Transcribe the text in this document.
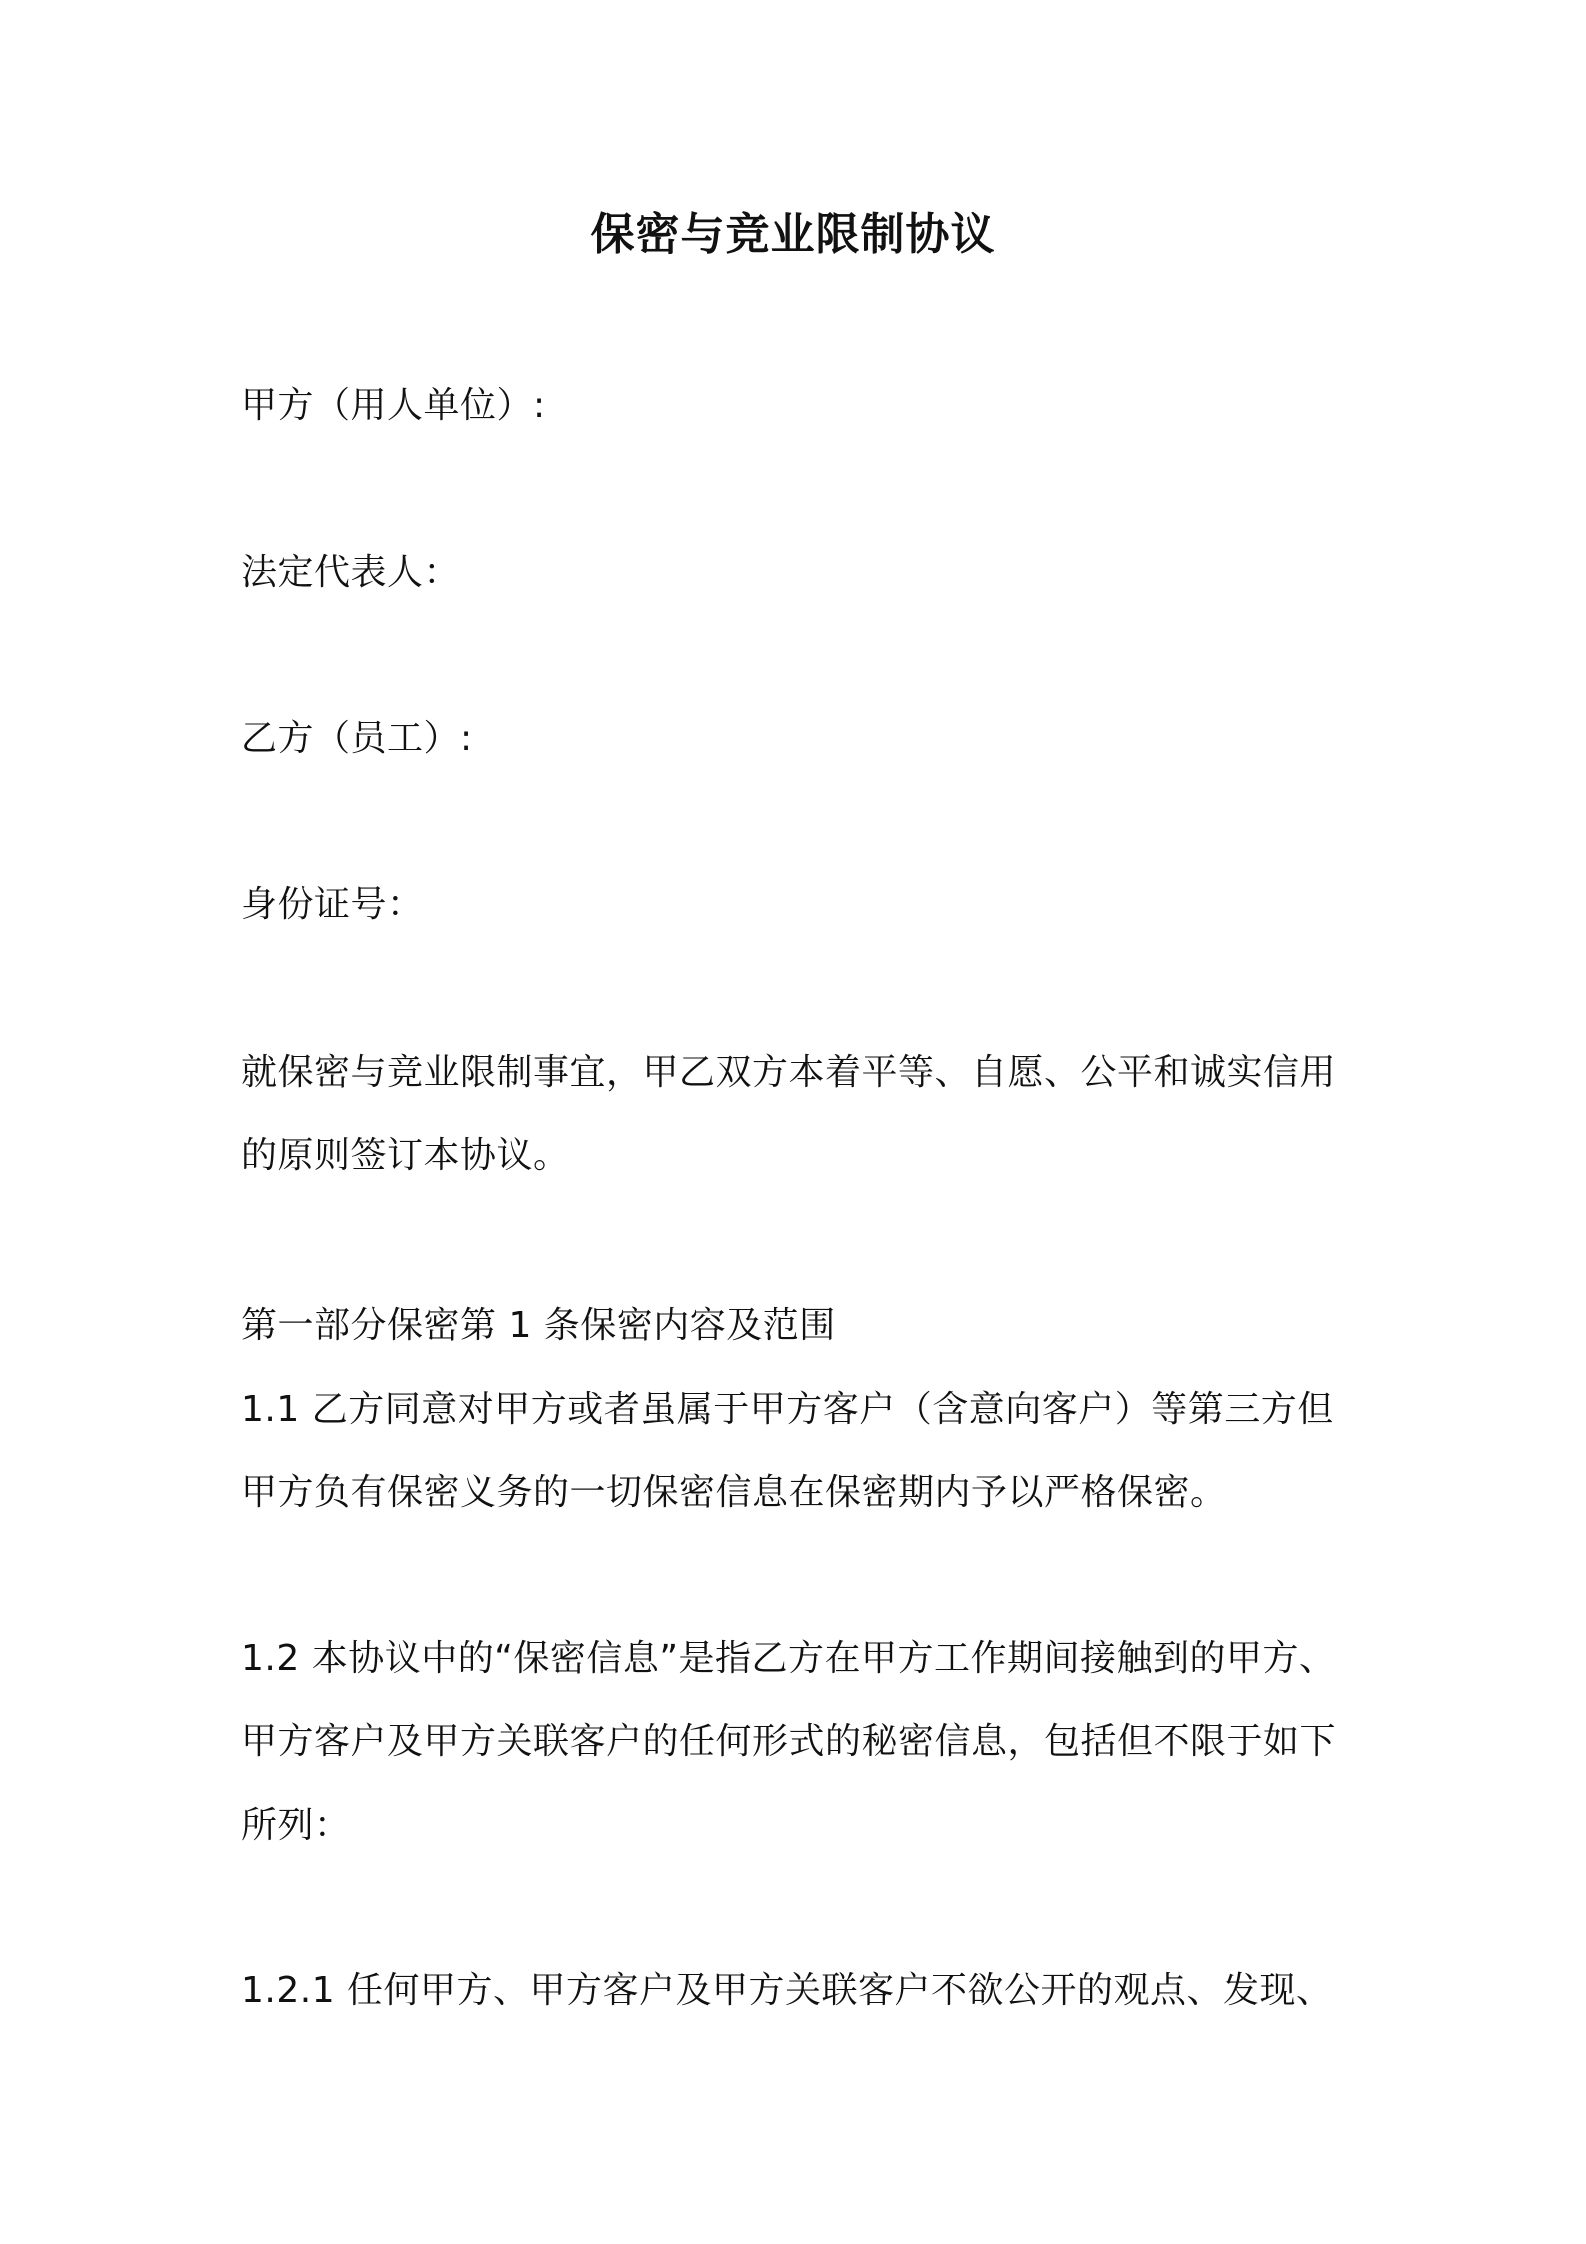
保密与竞业限制协议
甲方（用人单位）:
法定代表人：
乙方（员工）:
身份证号：
就保密与竞业限制事宜，甲乙双方本着平等、自愿、公平和诚实信用
的原则签订本协议。
第一部分保密第 1 条保密内容及范围
1.1 乙方同意对甲方或者虽属于甲方客户（含意向客户）等第三方但
甲方负有保密义务的一切保密信息在保密期内予以严格保密。
1.2 本协议中的“保密信息”是指乙方在甲方工作期间接触到的甲方、
甲方客户及甲方关联客户的任何形式的秘密信息，包括但不限于如下
所列：
1.2.1 任何甲方、甲方客户及甲方关联客户不欲公开的观点、发现、
